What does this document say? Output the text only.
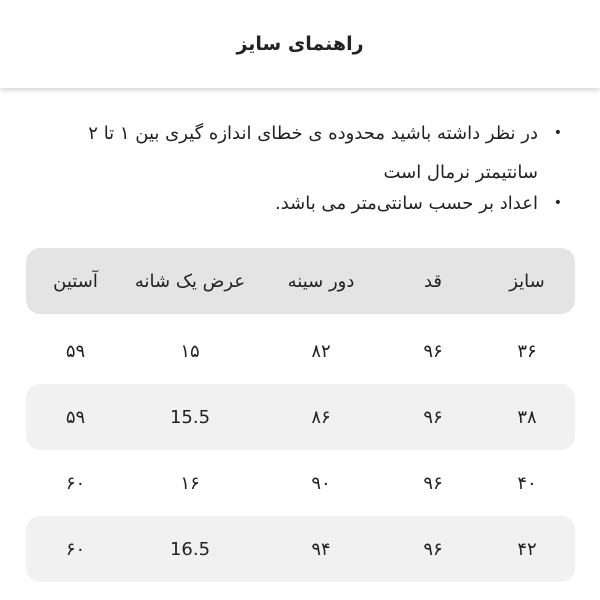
راهنمای سایز
•
در نظر داشته باشید محدوده ی خطای اندازه گیری بین ۱ تا ۲ سانتیمتر نرمال است
•
اعداد بر حسب سانتی‌متر می باشد.
سایز
قد
دور سینه
عرض یک شانه
آستین
۳۶
۹۶
۸۲
۱۵
۵۹
۳۸
۹۶
۸۶
15.5
۵۹
۴۰
۹۶
۹۰
۱۶
۶۰
۴۲
۹۶
۹۴
16.5
۶۰
